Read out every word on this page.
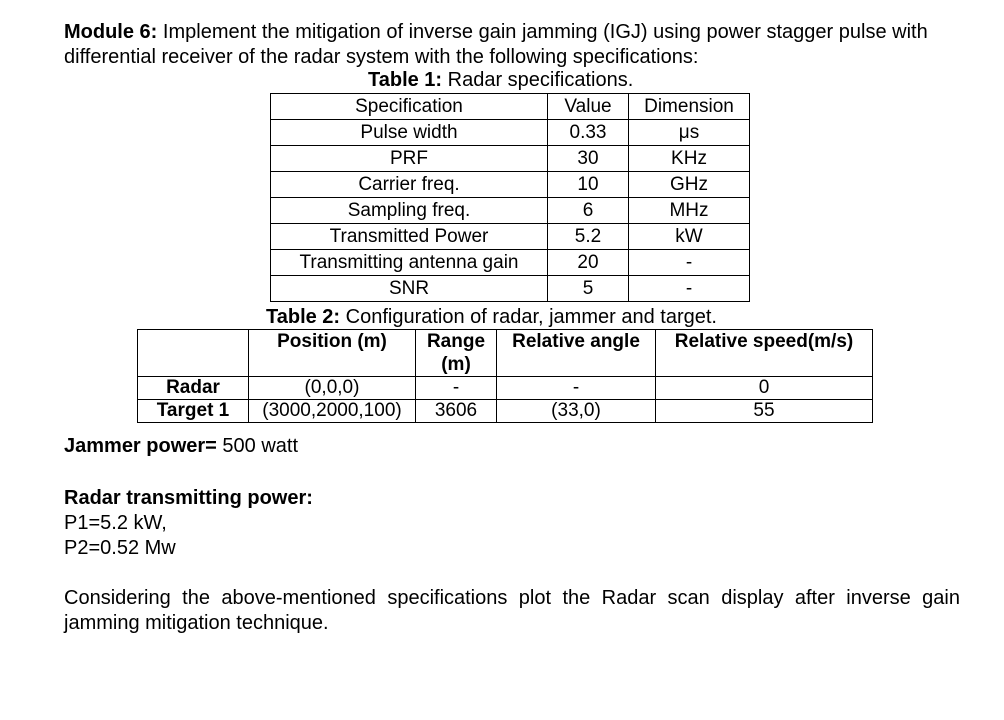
Module 6: Implement the mitigation of inverse gain jamming (IGJ) using power stagger pulse with differential receiver of the radar system with the following specifications:
Table 1: Radar specifications.
Specification	Value	Dimension
Pulse width	0.33	μs
PRF	30	KHz
Carrier freq.	10	GHz
Sampling freq.	6	MHz
Transmitted Power	5.2	kW
Transmitting antenna gain	20	-
SNR	5	-
Table 2: Configuration of radar, jammer and target.
	Position (m)	Range (m)	Relative angle	Relative speed(m/s)
Radar	(0,0,0)	-	-	0
Target 1	(3000,2000,100)	3606	(33,0)	55
Jammer power= 500 watt
Radar transmitting power:
P1=5.2 kW,
P2=0.52 Mw
Considering the above-mentioned specifications plot the Radar scan display after inverse gain jamming mitigation technique.
